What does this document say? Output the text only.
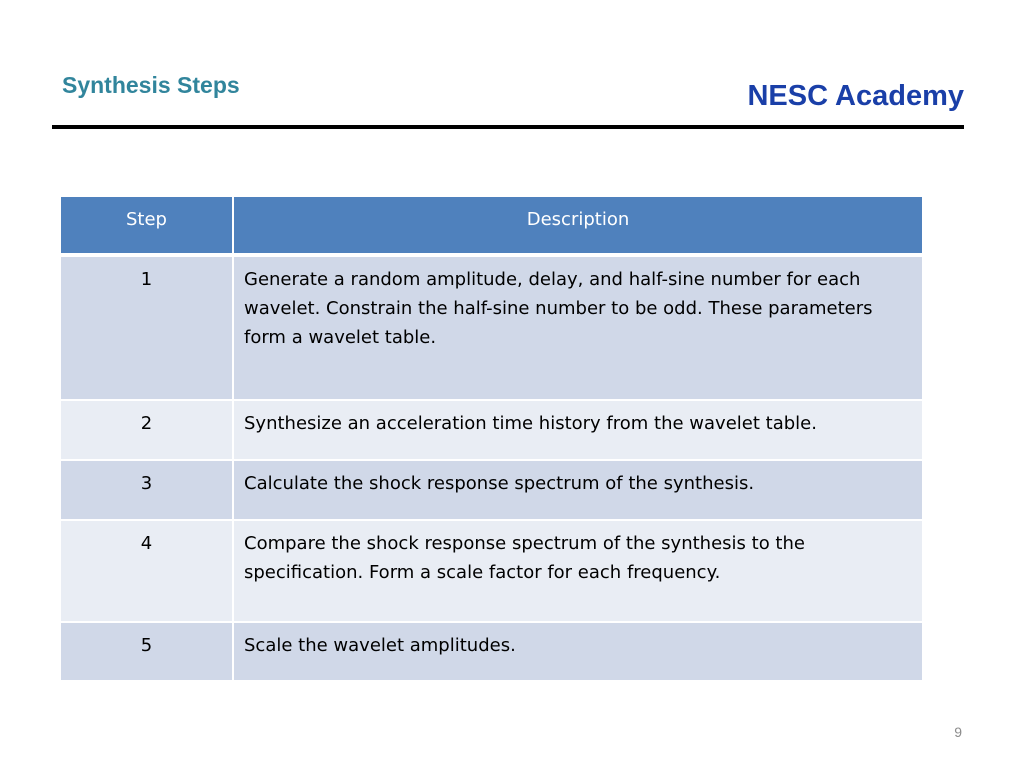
Synthesis Steps	NESC Academy
Step	Description
1	Generate a random amplitude, delay, and half-sine number for each wavelet. Constrain the half-sine number to be odd. These parameters form a wavelet table.
2	Synthesize an acceleration time history from the wavelet table.
3	Calculate the shock response spectrum of the synthesis.
4	Compare the shock response spectrum of the synthesis to the specification. Form a scale factor for each frequency.
5	Scale the wavelet amplitudes.
9
